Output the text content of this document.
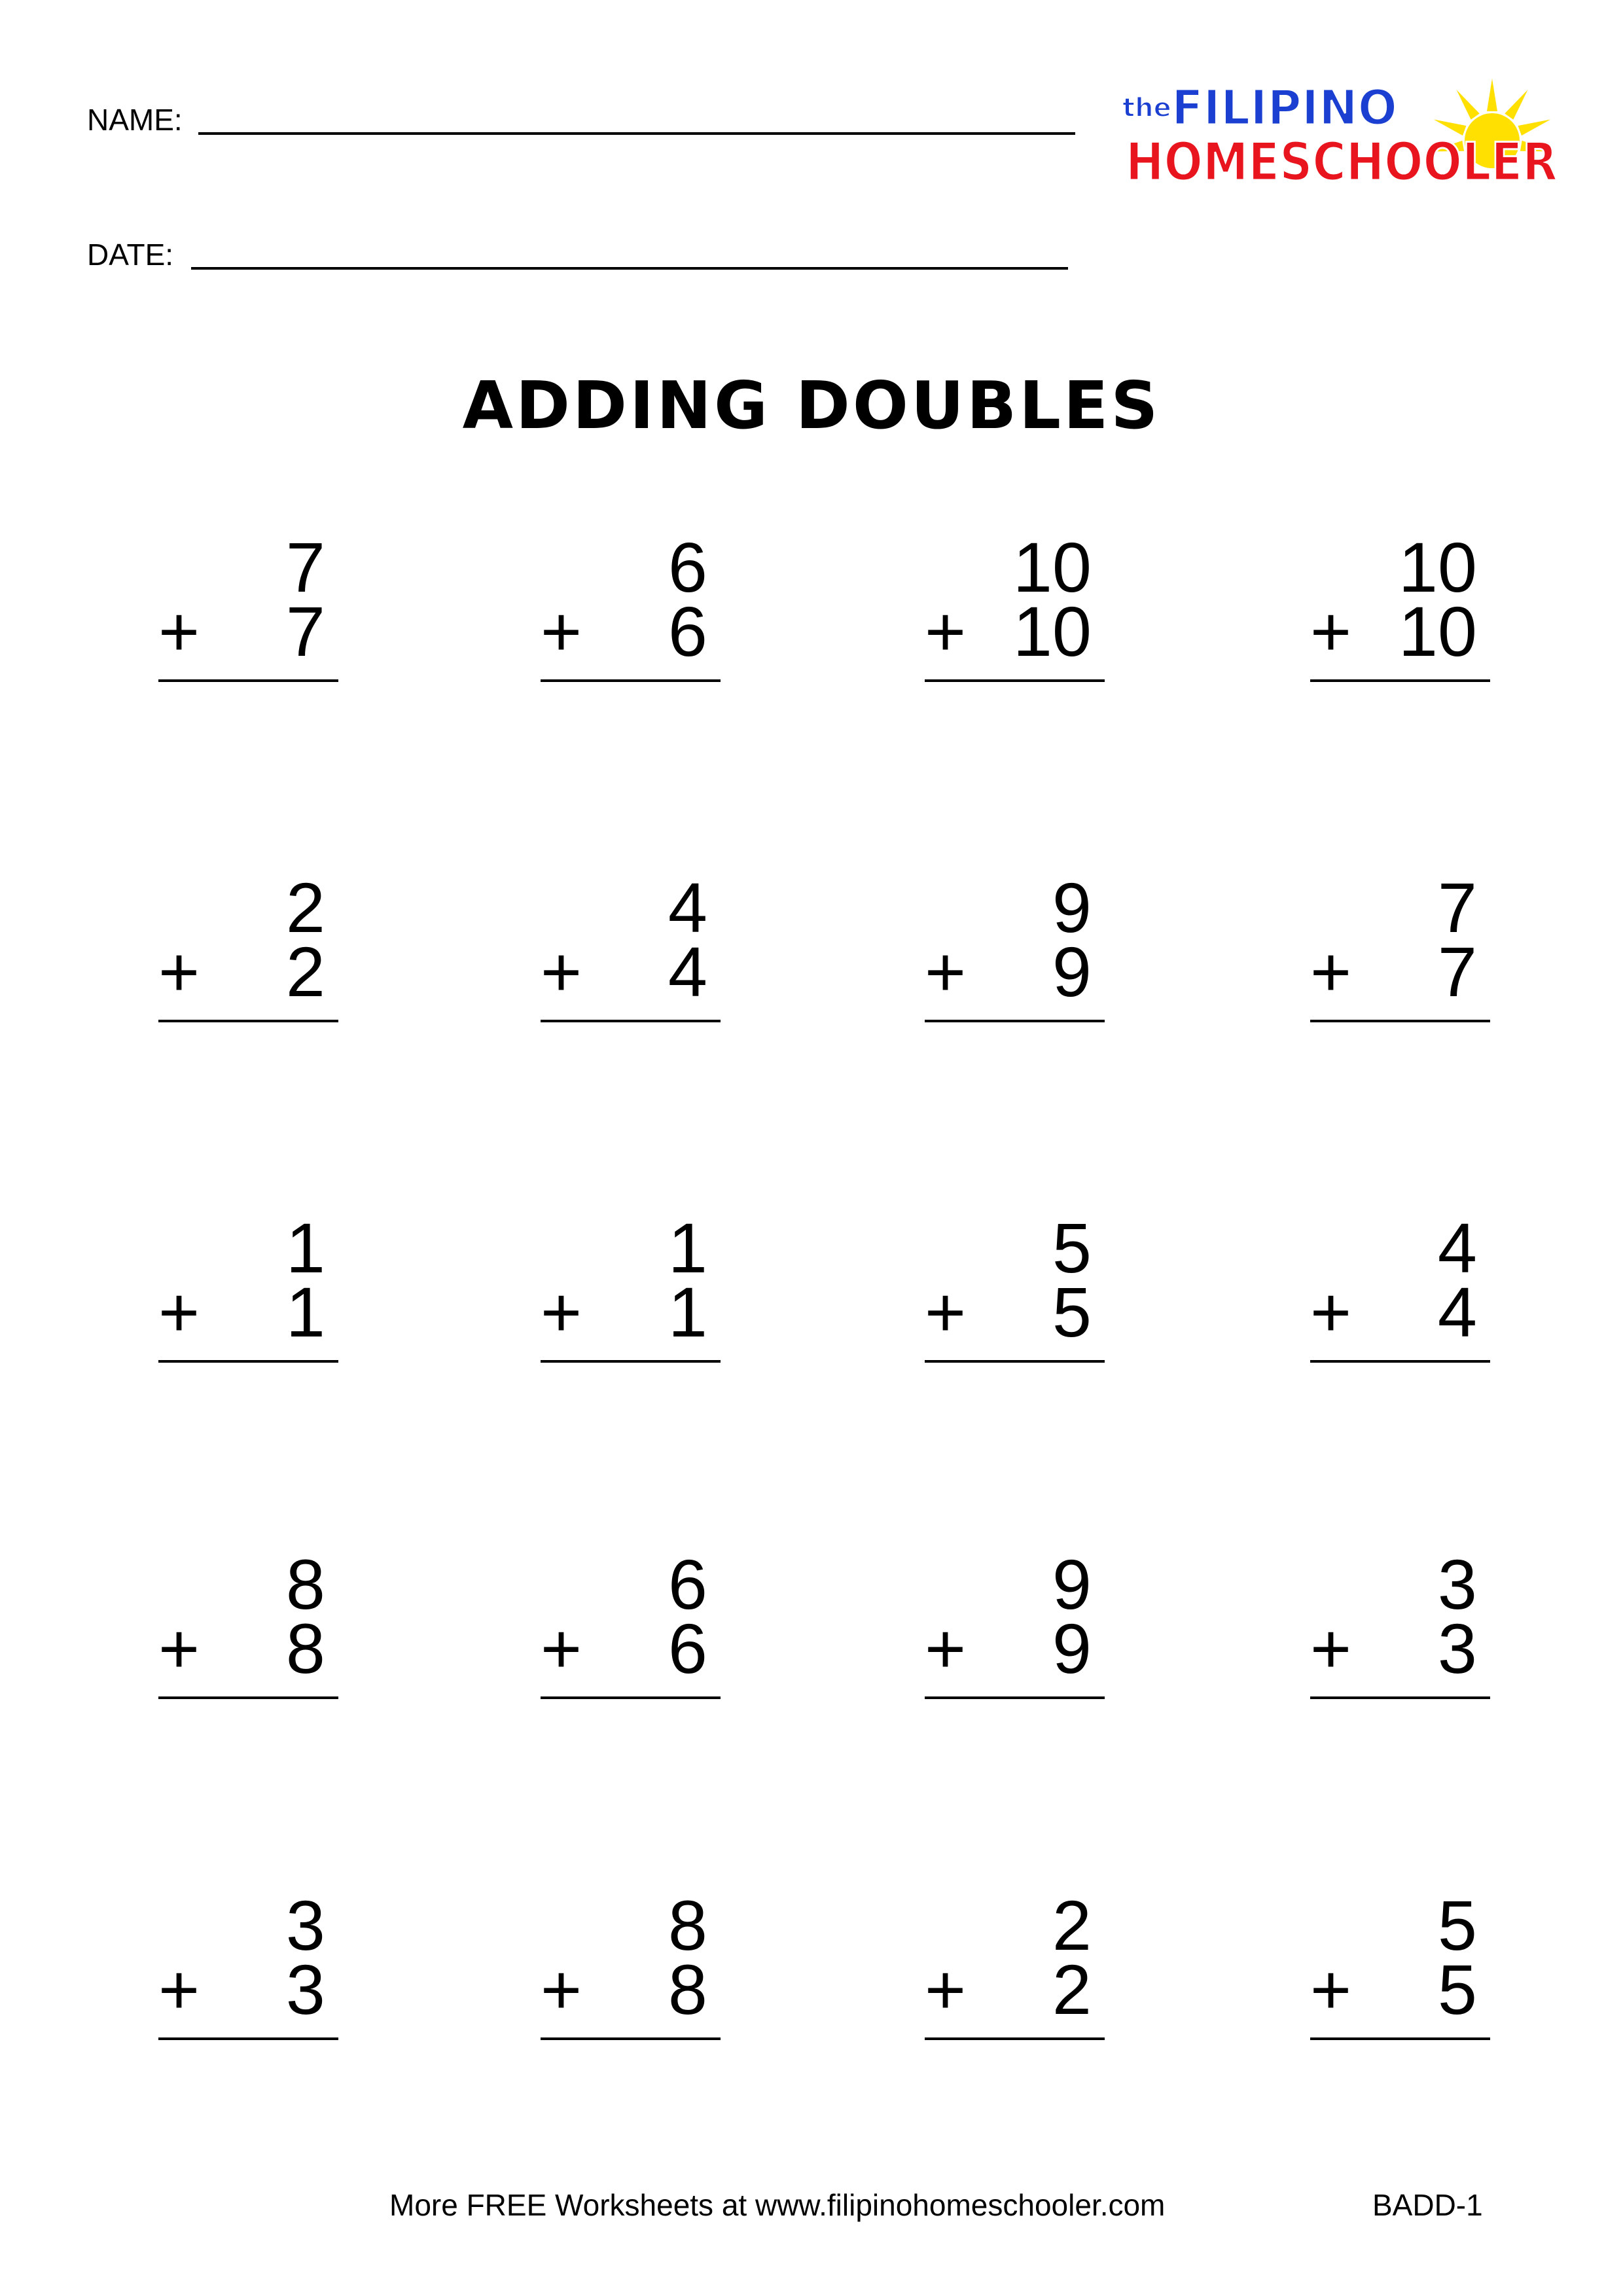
NAME:
DATE:
the FILIPINO
HOMESCHOOLER
ADDING DOUBLES
7
+ 7
6
+ 6
10
+ 10
10
+ 10
2
+ 2
4
+ 4
9
+ 9
7
+ 7
1
+ 1
1
+ 1
5
+ 5
4
+ 4
8
+ 8
6
+ 6
9
+ 9
3
+ 3
3
+ 3
8
+ 8
2
+ 2
5
+ 5
More FREE Worksheets at www.filipinohomeschooler.com	BADD-1
